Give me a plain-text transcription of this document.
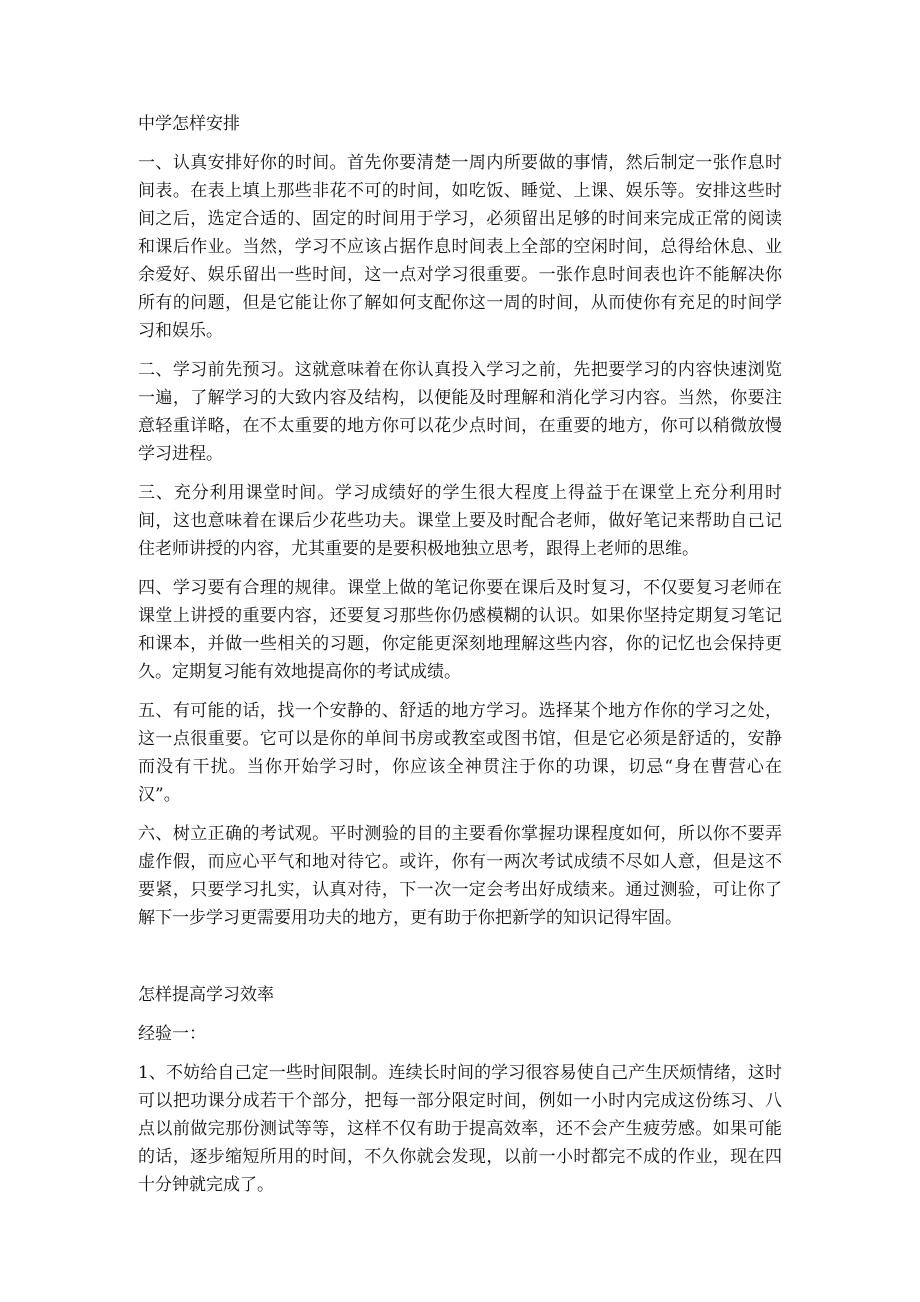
中学怎样安排

一、认真安排好你的时间。首先你要清楚一周内所要做的事情，然后制定一张作息时间表。在表上填上那些非花不可的时间，如吃饭、睡觉、上课、娱乐等。安排这些时间之后，选定合适的、固定的时间用于学习，必须留出足够的时间来完成正常的阅读和课后作业。当然，学习不应该占据作息时间表上全部的空闲时间，总得给休息、业余爱好、娱乐留出一些时间，这一点对学习很重要。一张作息时间表也许不能解决你所有的问题，但是它能让你了解如何支配你这一周的时间，从而使你有充足的时间学习和娱乐。

二、学习前先预习。这就意味着在你认真投入学习之前，先把要学习的内容快速浏览一遍，了解学习的大致内容及结构，以便能及时理解和消化学习内容。当然，你要注意轻重详略，在不太重要的地方你可以花少点时间，在重要的地方，你可以稍微放慢学习进程。

三、充分利用课堂时间。学习成绩好的学生很大程度上得益于在课堂上充分利用时间，这也意味着在课后少花些功夫。课堂上要及时配合老师，做好笔记来帮助自己记住老师讲授的内容，尤其重要的是要积极地独立思考，跟得上老师的思维。

四、学习要有合理的规律。课堂上做的笔记你要在课后及时复习，不仅要复习老师在课堂上讲授的重要内容，还要复习那些你仍感模糊的认识。如果你坚持定期复习笔记和课本，并做一些相关的习题，你定能更深刻地理解这些内容，你的记忆也会保持更久。定期复习能有效地提高你的考试成绩。

五、有可能的话，找一个安静的、舒适的地方学习。选择某个地方作你的学习之处，这一点很重要。它可以是你的单间书房或教室或图书馆，但是它必须是舒适的，安静而没有干扰。当你开始学习时，你应该全神贯注于你的功课，切忌“身在曹营心在汉”。

六、树立正确的考试观。平时测验的目的主要看你掌握功课程度如何，所以你不要弄虚作假，而应心平气和地对待它。或许，你有一两次考试成绩不尽如人意，但是这不要紧，只要学习扎实，认真对待，下一次一定会考出好成绩来。通过测验，可让你了解下一步学习更需要用功夫的地方，更有助于你把新学的知识记得牢固。

怎样提高学习效率
经验一：

1、不妨给自己定一些时间限制。连续长时间的学习很容易使自己产生厌烦情绪，这时可以把功课分成若干个部分，把每一部分限定时间，例如一小时内完成这份练习、八点以前做完那份测试等等，这样不仅有助于提高效率，还不会产生疲劳感。如果可能的话，逐步缩短所用的时间，不久你就会发现，以前一小时都完不成的作业，现在四十分钟就完成了。
